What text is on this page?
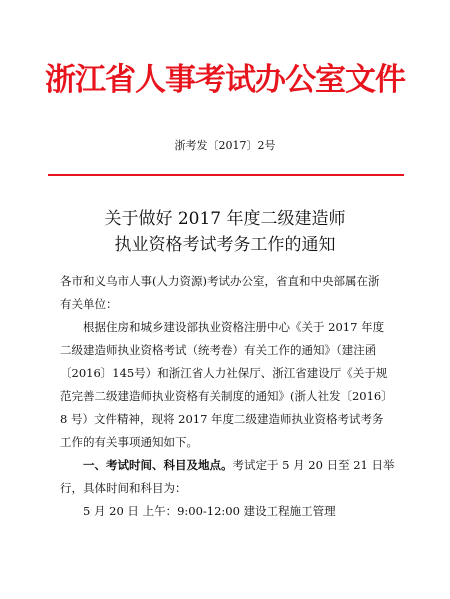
浙江省人事考试办公室文件
浙考发〔2017〕2号
关于做好 2017 年度二级建造师
执业资格考试考务工作的通知
各市和义乌市人事(人力资源)考试办公室，省直和中央部属在浙
有关单位：
　　根据住房和城乡建设部执业资格注册中心《关于 2017 年度
二级建造师执业资格考试（统考卷）有关工作的通知》（建注函
〔2016〕145号）和浙江省人力社保厅、浙江省建设厅《关于规
范完善二级建造师执业资格有关制度的通知》(浙人社发〔2016〕
8 号）文件精神，现将 2017 年度二级建造师执业资格考试考务
工作的有关事项通知如下。
　　一、考试时间、科目及地点。考试定于 5 月 20 日至 21 日举
行，具体时间和科目为：
　　5 月 20 日 上午：9:00-12:00 建设工程施工管理
